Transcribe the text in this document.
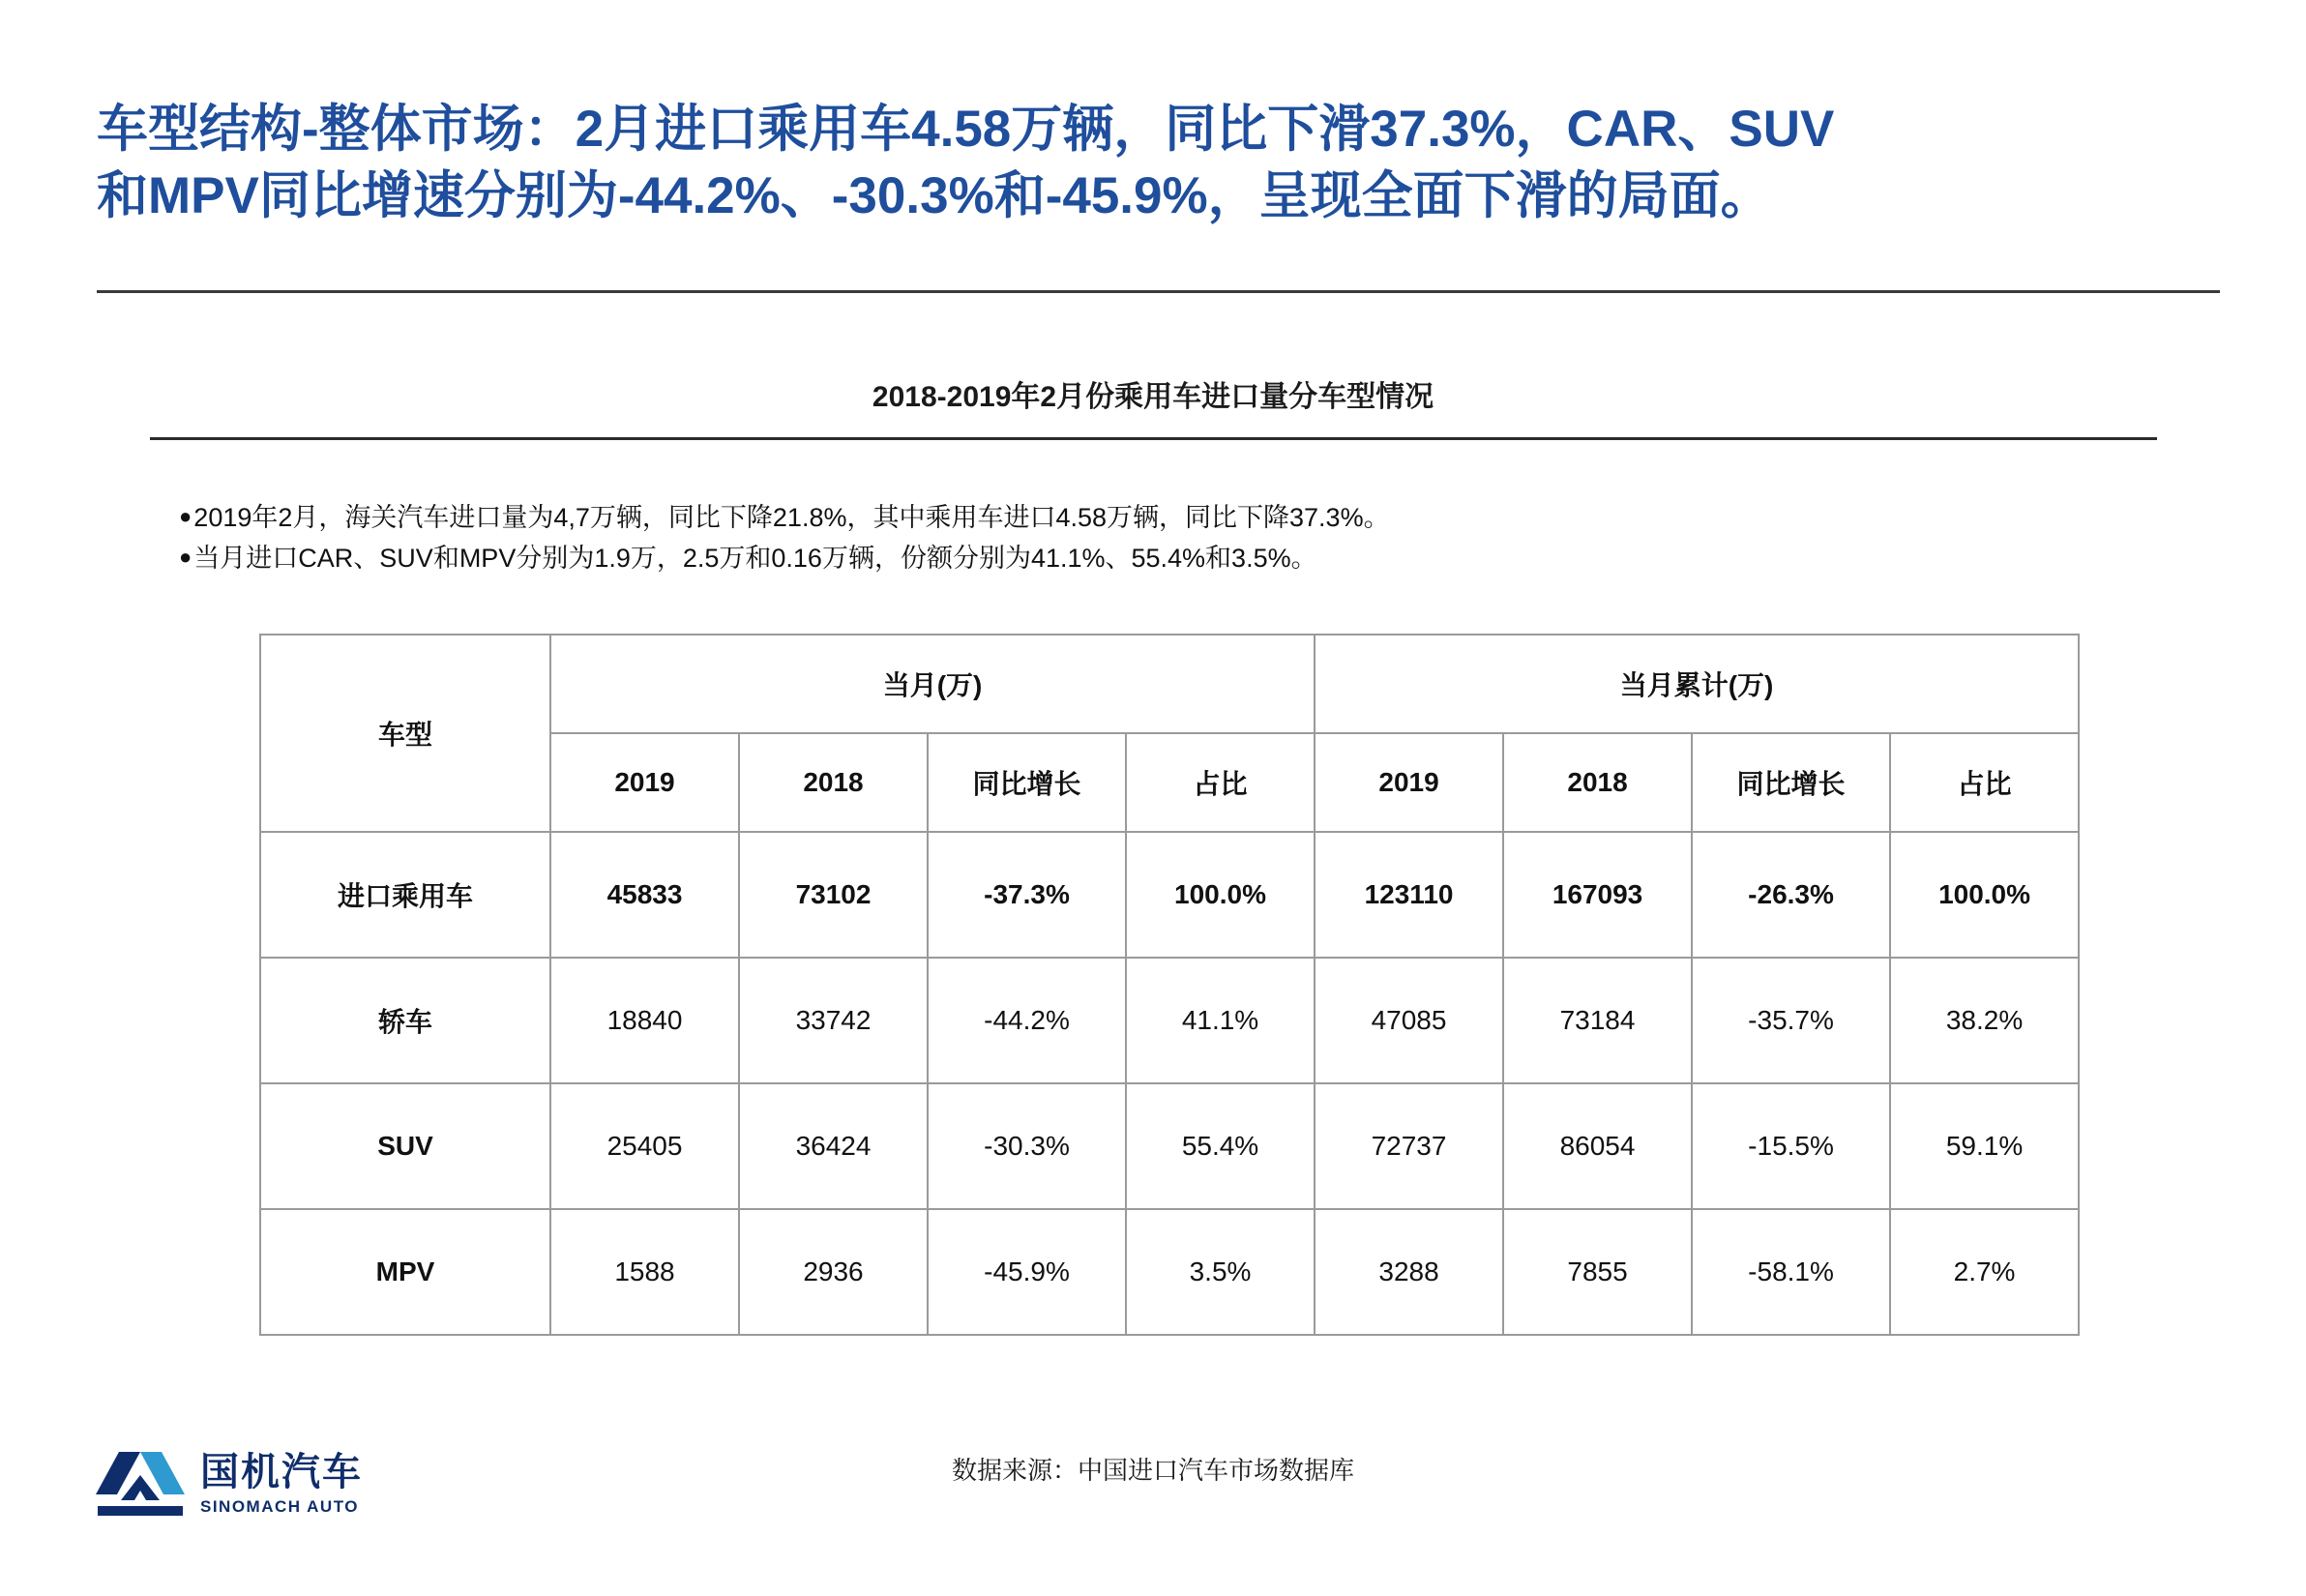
车型结构-整体市场：2月进口乘用车4.58万辆，同比下滑37.3%，CAR、SUV
和MPV同比增速分别为-44.2%、-30.3%和-45.9%，呈现全面下滑的局面。
2018-2019年2月份乘用车进口量分车型情况
●2019年2月，海关汽车进口量为4,7万辆，同比下降21.8%，其中乘用车进口4.58万辆，同比下降37.3%。
●当月进口CAR、SUV和MPV分别为1.9万，2.5万和0.16万辆，份额分别为41.1%、55.4%和3.5%。
车型	当月(万)				当月累计(万)			
	2019	2018	同比增长	占比	2019	2018	同比增长	占比
进口乘用车	45833	73102	-37.3%	100.0%	123110	167093	-26.3%	100.0%
轿车	18840	33742	-44.2%	41.1%	47085	73184	-35.7%	38.2%
SUV	25405	36424	-30.3%	55.4%	72737	86054	-15.5%	59.1%
MPV	1588	2936	-45.9%	3.5%	3288	7855	-58.1%	2.7%
数据来源：中国进口汽车市场数据库
国机汽车
SINOMACH AUTO
